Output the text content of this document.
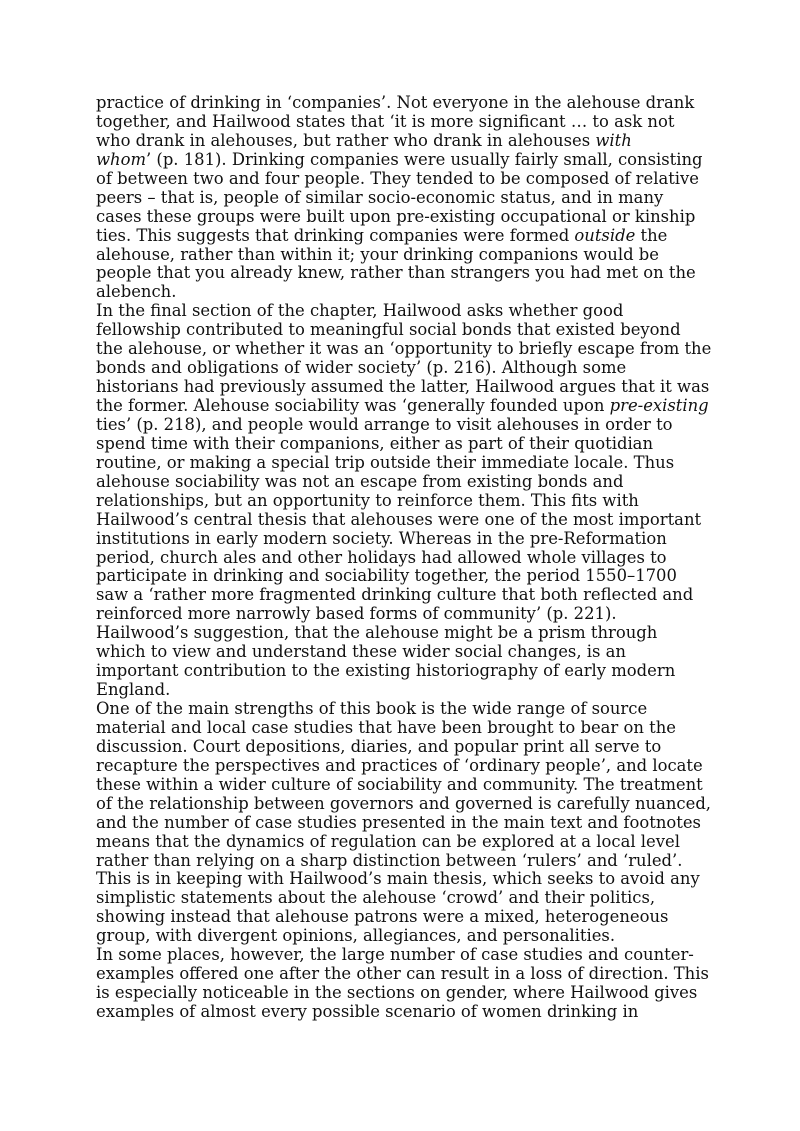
practice of drinking in ‘companies’. Not everyone in the alehouse drank
together, and Hailwood states that ‘it is more significant … to ask not
who drank in alehouses, but rather who drank in alehouses with
whom’ (p. 181). Drinking companies were usually fairly small, consisting
of between two and four people. They tended to be composed of relative
peers – that is, people of similar socio-economic status, and in many
cases these groups were built upon pre-existing occupational or kinship
ties. This suggests that drinking companies were formed outside the
alehouse, rather than within it; your drinking companions would be
people that you already knew, rather than strangers you had met on the
alebench.
In the final section of the chapter, Hailwood asks whether good
fellowship contributed to meaningful social bonds that existed beyond
the alehouse, or whether it was an ‘opportunity to briefly escape from the
bonds and obligations of wider society’ (p. 216). Although some
historians had previously assumed the latter, Hailwood argues that it was
the former. Alehouse sociability was ‘generally founded upon pre-existing
ties’ (p. 218), and people would arrange to visit alehouses in order to
spend time with their companions, either as part of their quotidian
routine, or making a special trip outside their immediate locale. Thus
alehouse sociability was not an escape from existing bonds and
relationships, but an opportunity to reinforce them. This fits with
Hailwood’s central thesis that alehouses were one of the most important
institutions in early modern society. Whereas in the pre-Reformation
period, church ales and other holidays had allowed whole villages to
participate in drinking and sociability together, the period 1550–1700
saw a ‘rather more fragmented drinking culture that both reflected and
reinforced more narrowly based forms of community’ (p. 221).
Hailwood’s suggestion, that the alehouse might be a prism through
which to view and understand these wider social changes, is an
important contribution to the existing historiography of early modern
England.
One of the main strengths of this book is the wide range of source
material and local case studies that have been brought to bear on the
discussion. Court depositions, diaries, and popular print all serve to
recapture the perspectives and practices of ‘ordinary people’, and locate
these within a wider culture of sociability and community. The treatment
of the relationship between governors and governed is carefully nuanced,
and the number of case studies presented in the main text and footnotes
means that the dynamics of regulation can be explored at a local level
rather than relying on a sharp distinction between ‘rulers’ and ‘ruled’.
This is in keeping with Hailwood’s main thesis, which seeks to avoid any
simplistic statements about the alehouse ‘crowd’ and their politics,
showing instead that alehouse patrons were a mixed, heterogeneous
group, with divergent opinions, allegiances, and personalities.
In some places, however, the large number of case studies and counter-
examples offered one after the other can result in a loss of direction. This
is especially noticeable in the sections on gender, where Hailwood gives
examples of almost every possible scenario of women drinking in
